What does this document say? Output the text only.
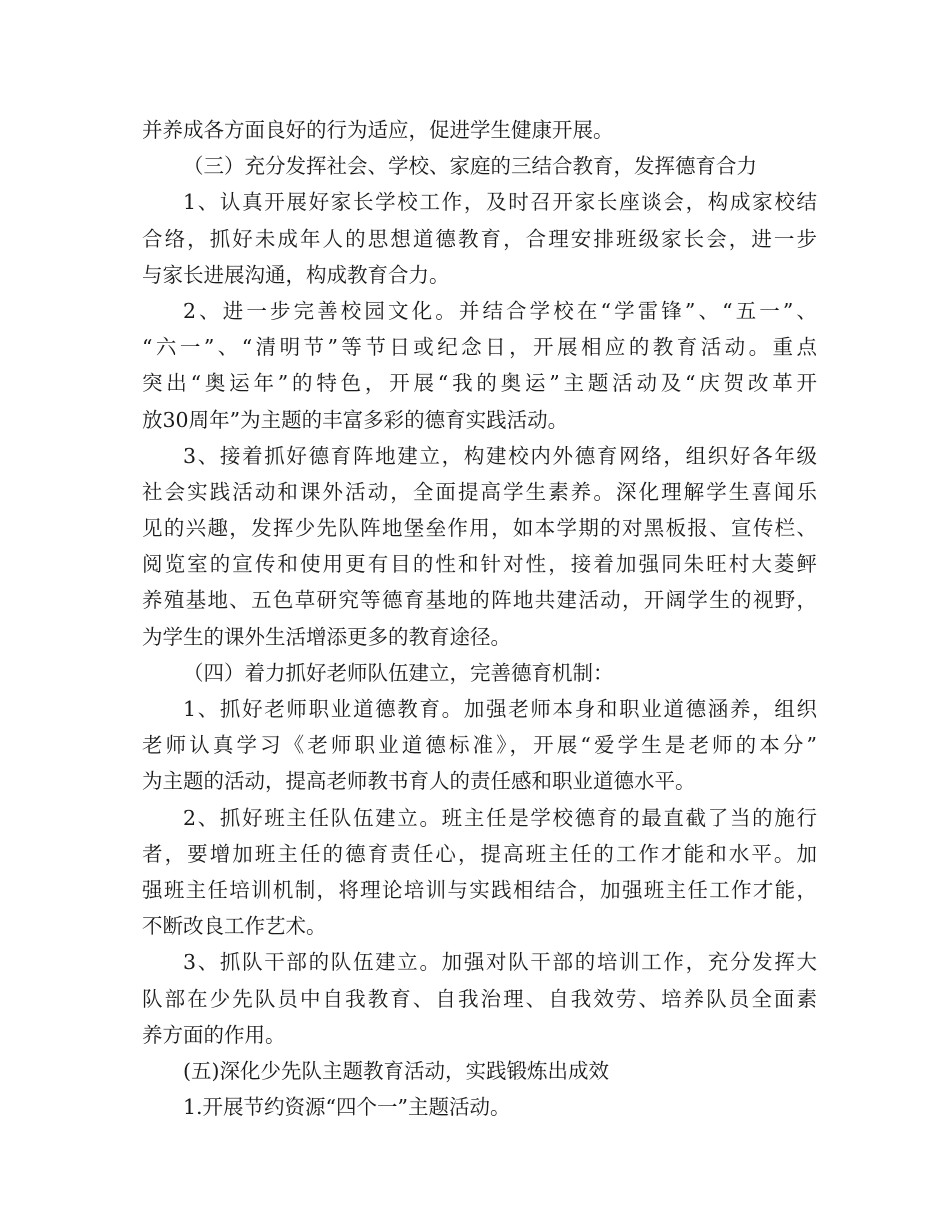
并养成各方面良好的行为适应，促进学生健康开展。
（三）充分发挥社会、学校、家庭的三结合教育，发挥德育合力
1、认真开展好家长学校工作，及时召开家长座谈会，构成家校结
合络，抓好未成年人的思想道德教育，合理安排班级家长会，进一步
与家长进展沟通，构成教育合力。
2、进一步完善校园文化。并结合学校在“学雷锋”、“五一”、
“六一”、“清明节”等节日或纪念日，开展相应的教育活动。重点
突出“奥运年”的特色，开展“我的奥运”主题活动及“庆贺改革开
放30周年”为主题的丰富多彩的德育实践活动。
3、接着抓好德育阵地建立，构建校内外德育网络，组织好各年级
社会实践活动和课外活动，全面提高学生素养。深化理解学生喜闻乐
见的兴趣，发挥少先队阵地堡垒作用，如本学期的对黑板报、宣传栏、
阅览室的宣传和使用更有目的性和针对性，接着加强同朱旺村大菱鲆
养殖基地、五色草研究等德育基地的阵地共建活动，开阔学生的视野，
为学生的课外生活增添更多的教育途径。
（四）着力抓好老师队伍建立，完善德育机制：
1、抓好老师职业道德教育。加强老师本身和职业道德涵养，组织
老师认真学习《老师职业道德标准》，开展“爱学生是老师的本分”
为主题的活动，提高老师教书育人的责任感和职业道德水平。
2、抓好班主任队伍建立。班主任是学校德育的最直截了当的施行
者，要增加班主任的德育责任心，提高班主任的工作才能和水平。加
强班主任培训机制，将理论培训与实践相结合，加强班主任工作才能，
不断改良工作艺术。
3、抓队干部的队伍建立。加强对队干部的培训工作，充分发挥大
队部在少先队员中自我教育、自我治理、自我效劳、培养队员全面素
养方面的作用。
(五)深化少先队主题教育活动，实践锻炼出成效
1.开展节约资源“四个一”主题活动。
